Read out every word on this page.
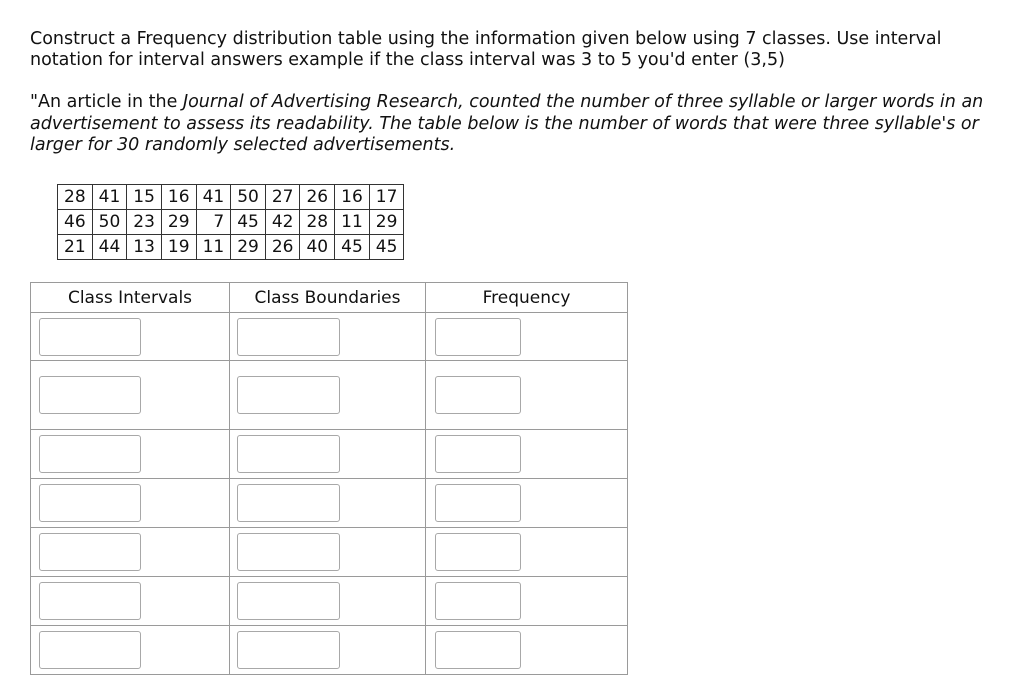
Construct a Frequency distribution table using the information given below using 7 classes. Use interval notation for interval answers example if the class interval was 3 to 5 you'd enter (3,5)
"An article in the Journal of Advertising Research, counted the number of three syllable or larger words in an advertisement to assess its readability. The table below is the number of words that were three syllable's or larger for 30 randomly selected advertisements.
28	41	15	16	41	50	27	26	16	17
46	50	23	29	7	45	42	28	11	29
21	44	13	19	11	29	26	40	45	45
Class Intervals	Class Boundaries	Frequency
